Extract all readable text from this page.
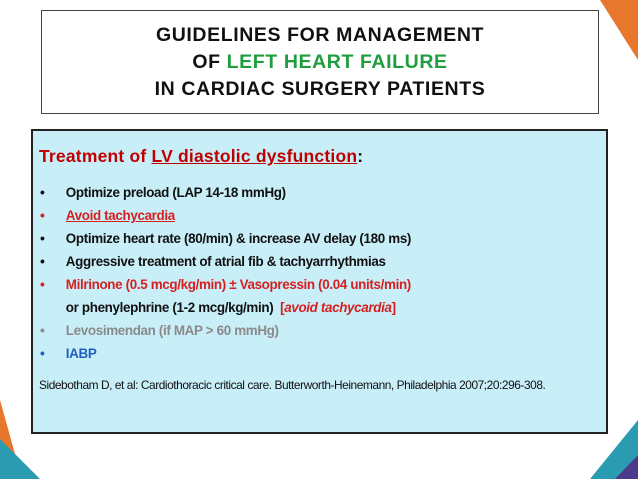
GUIDELINES FOR MANAGEMENT
OF LEFT HEART FAILURE
IN CARDIAC SURGERY PATIENTS
Treatment of LV diastolic dysfunction:
• Optimize preload (LAP 14-18 mmHg)
• Avoid tachycardia
• Optimize heart rate (80/min) & increase AV delay (180 ms)
• Aggressive treatment of atrial fib & tachyarrhythmias
• Milrinone (0.5 mcg/kg/min) ± Vasopressin (0.04 units/min)
or phenylephrine (1-2 mcg/kg/min) [avoid tachycardia]
• Levosimendan (if MAP > 60 mmHg)
• IABP
Sidebotham D, et al: Cardiothoracic critical care. Butterworth-Heinemann, Philadelphia 2007;20:296-308.
